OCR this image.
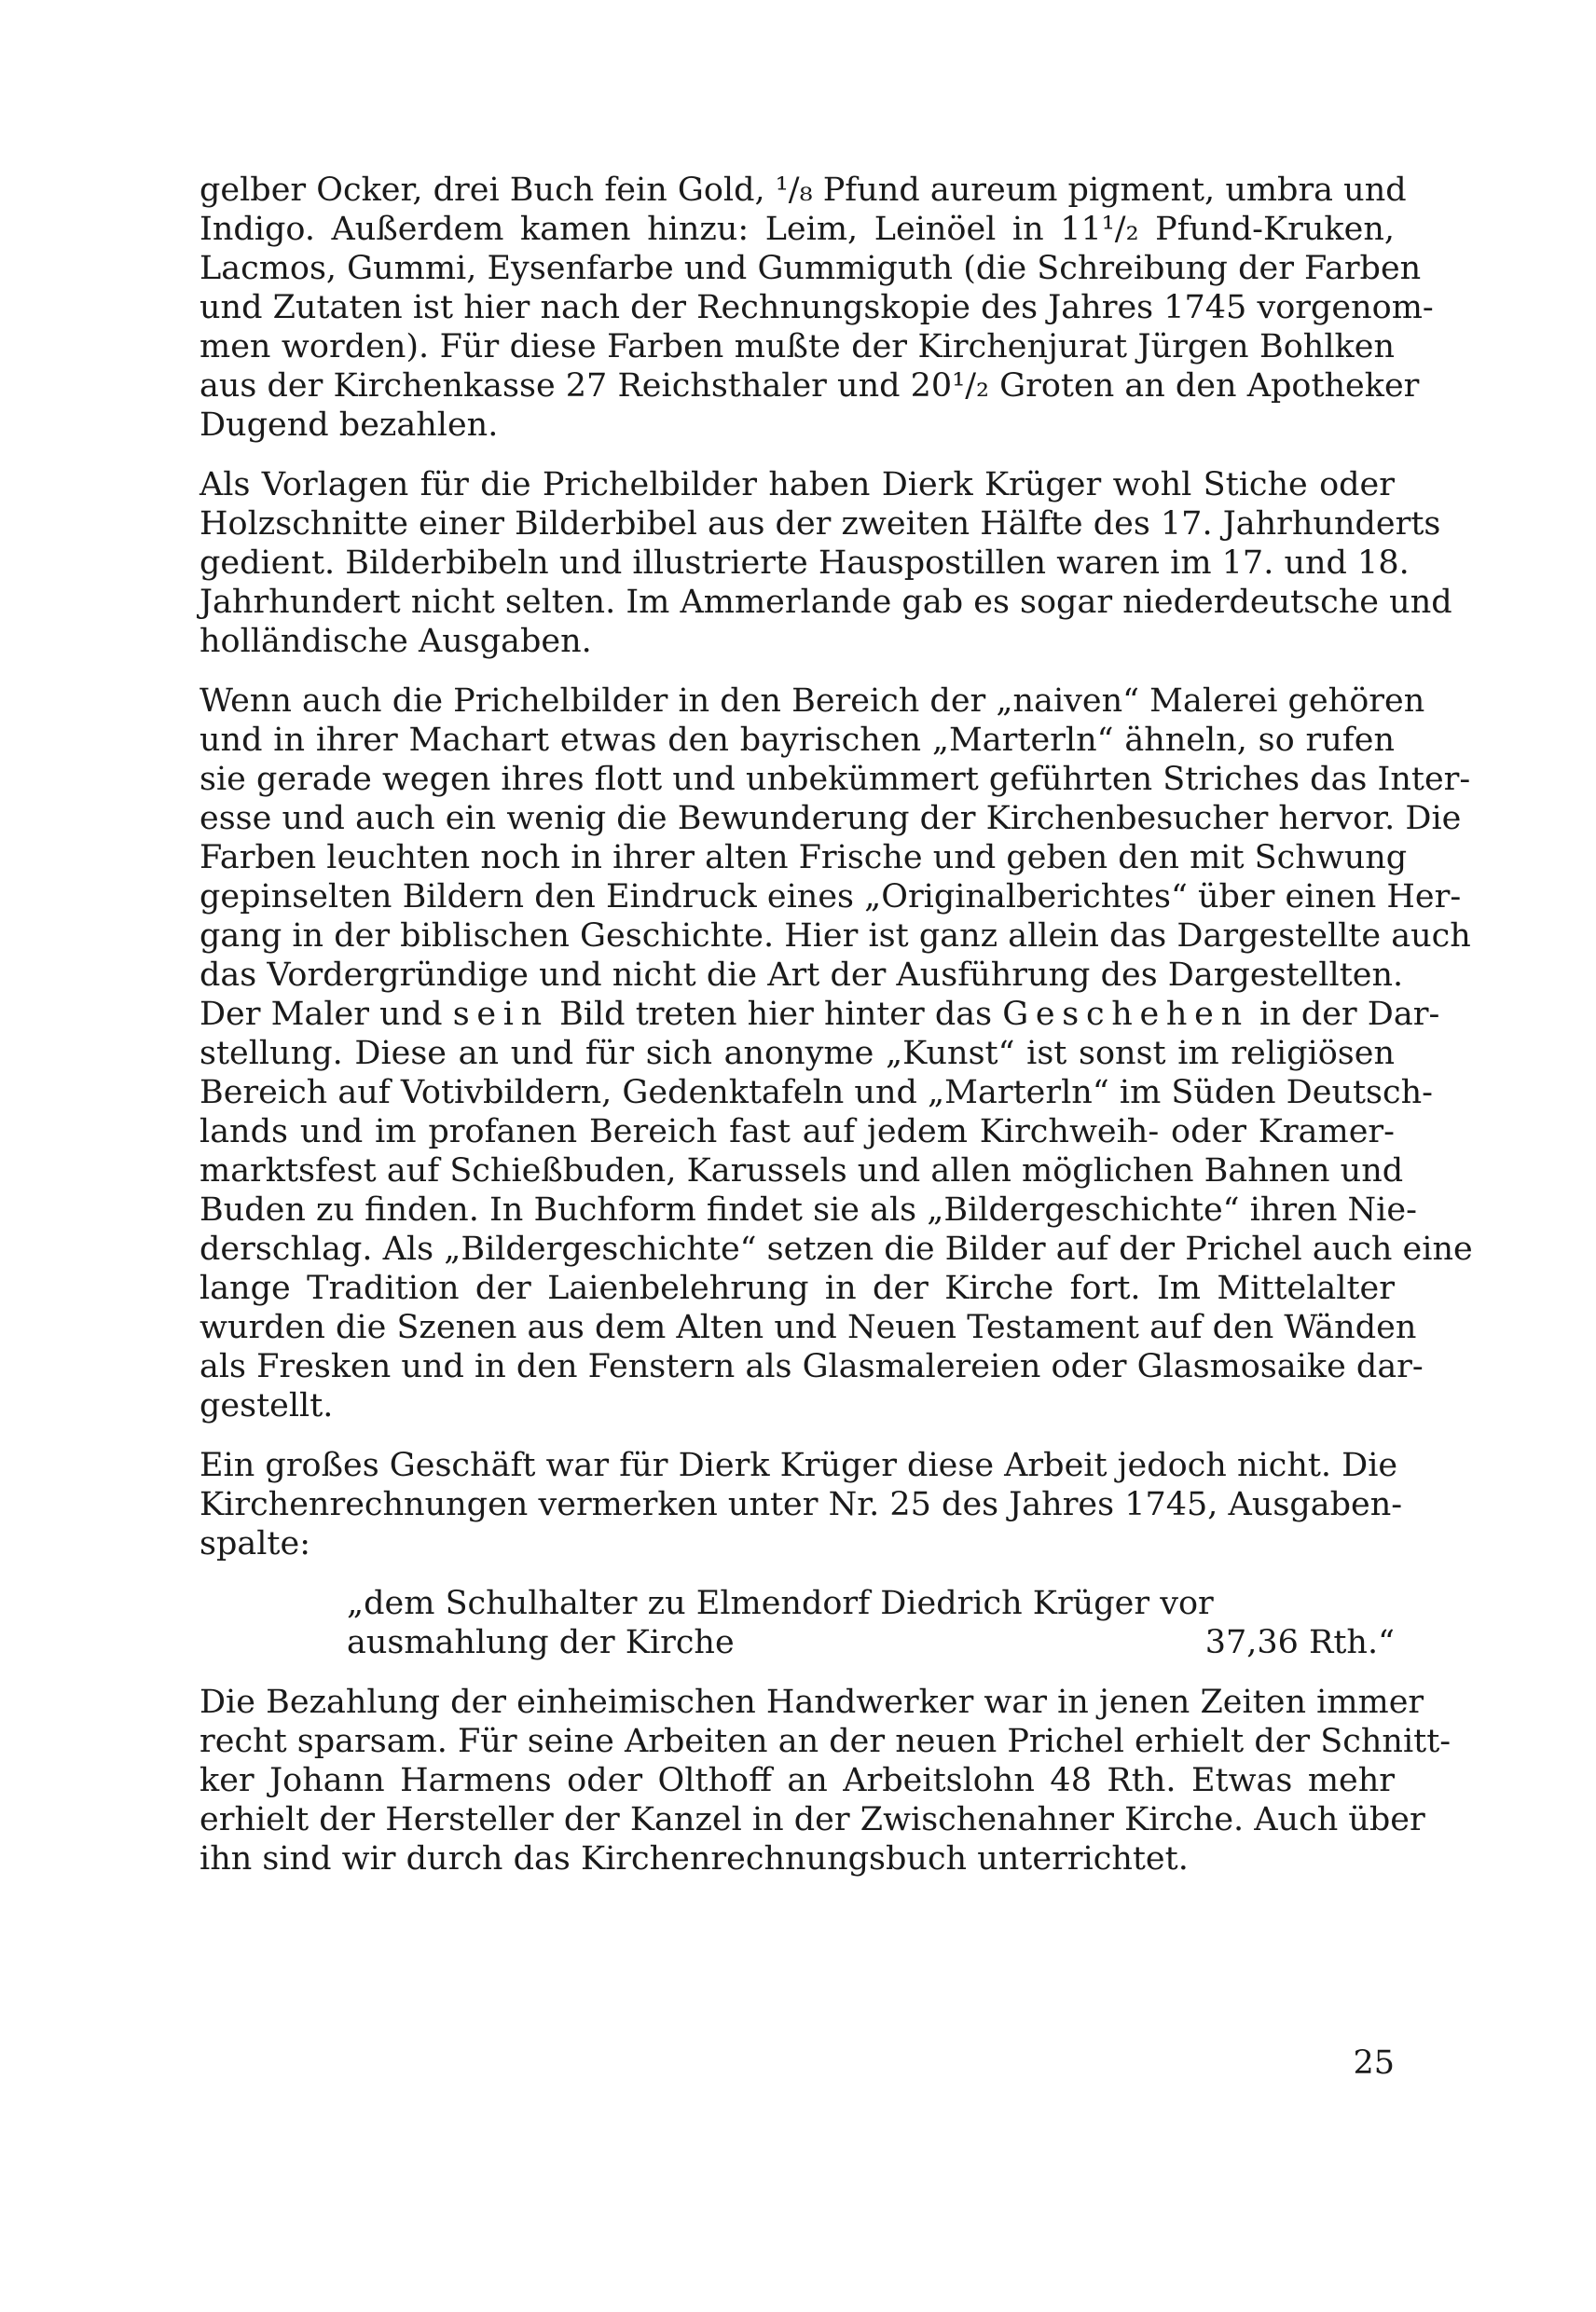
gelber Ocker, drei Buch fein Gold, ¹/₈ Pfund aureum pigment, umbra und
Indigo. Außerdem kamen hinzu: Leim, Leinöel in 11¹/₂ Pfund-Kruken,
Lacmos, Gummi, Eysenfarbe und Gummiguth (die Schreibung der Farben
und Zutaten ist hier nach der Rechnungskopie des Jahres 1745 vorgenom-
men worden). Für diese Farben mußte der Kirchenjurat Jürgen Bohlken
aus der Kirchenkasse 27 Reichsthaler und 20¹/₂ Groten an den Apotheker
Dugend bezahlen.

Als Vorlagen für die Prichelbilder haben Dierk Krüger wohl Stiche oder
Holzschnitte einer Bilderbibel aus der zweiten Hälfte des 17. Jahrhunderts
gedient. Bilderbibeln und illustrierte Hauspostillen waren im 17. und 18.
Jahrhundert nicht selten. Im Ammerlande gab es sogar niederdeutsche und
holländische Ausgaben.

Wenn auch die Prichelbilder in den Bereich der „naiven“ Malerei gehören
und in ihrer Machart etwas den bayrischen „Marterln“ ähneln, so rufen
sie gerade wegen ihres flott und unbekümmert geführten Striches das Inter-
esse und auch ein wenig die Bewunderung der Kirchenbesucher hervor. Die
Farben leuchten noch in ihrer alten Frische und geben den mit Schwung
gepinselten Bildern den Eindruck eines „Originalberichtes“ über einen Her-
gang in der biblischen Geschichte. Hier ist ganz allein das Dargestellte auch
das Vordergründige und nicht die Art der Ausführung des Dargestellten.
Der Maler und sein Bild treten hier hinter das Geschehen in der Dar-
stellung. Diese an und für sich anonyme „Kunst“ ist sonst im religiösen
Bereich auf Votivbildern, Gedenktafeln und „Marterln“ im Süden Deutsch-
lands und im profanen Bereich fast auf jedem Kirchweih- oder Kramer-
marktsfest auf Schießbuden, Karussels und allen möglichen Bahnen und
Buden zu finden. In Buchform findet sie als „Bildergeschichte“ ihren Nie-
derschlag. Als „Bildergeschichte“ setzen die Bilder auf der Prichel auch eine
lange Tradition der Laienbelehrung in der Kirche fort. Im Mittelalter
wurden die Szenen aus dem Alten und Neuen Testament auf den Wänden
als Fresken und in den Fenstern als Glasmalereien oder Glasmosaike dar-
gestellt.

Ein großes Geschäft war für Dierk Krüger diese Arbeit jedoch nicht. Die
Kirchenrechnungen vermerken unter Nr. 25 des Jahres 1745, Ausgaben-
spalte:

„dem Schulhalter zu Elmendorf Diedrich Krüger vor
ausmahlung der Kirche	37,36 Rth.“

Die Bezahlung der einheimischen Handwerker war in jenen Zeiten immer
recht sparsam. Für seine Arbeiten an der neuen Prichel erhielt der Schnitt-
ker Johann Harmens oder Olthoff an Arbeitslohn 48 Rth. Etwas mehr
erhielt der Hersteller der Kanzel in der Zwischenahner Kirche. Auch über
ihn sind wir durch das Kirchenrechnungsbuch unterrichtet.

25
